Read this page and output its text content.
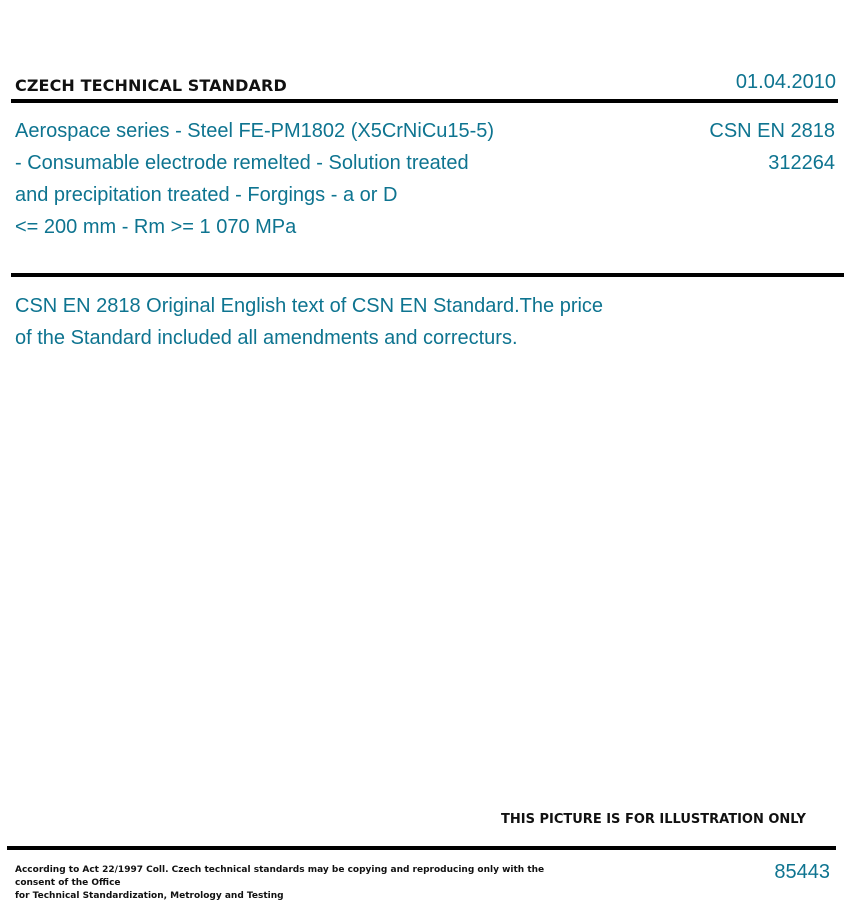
CZECH TECHNICAL STANDARD	01.04.2010
Aerospace series - Steel FE-PM1802 (X5CrNiCu15-5)
- Consumable electrode remelted - Solution treated
and precipitation treated - Forgings - a or D
<= 200 mm - Rm >= 1 070 MPa
CSN EN 2818
312264
CSN EN 2818 Original English text of CSN EN Standard.The price
of the Standard included all amendments and correcturs.
THIS PICTURE IS FOR ILLUSTRATION ONLY
According to Act 22/1997 Coll. Czech technical standards may be copying and reproducing only with the consent of the Office
for Technical Standardization, Metrology and Testing
85443
